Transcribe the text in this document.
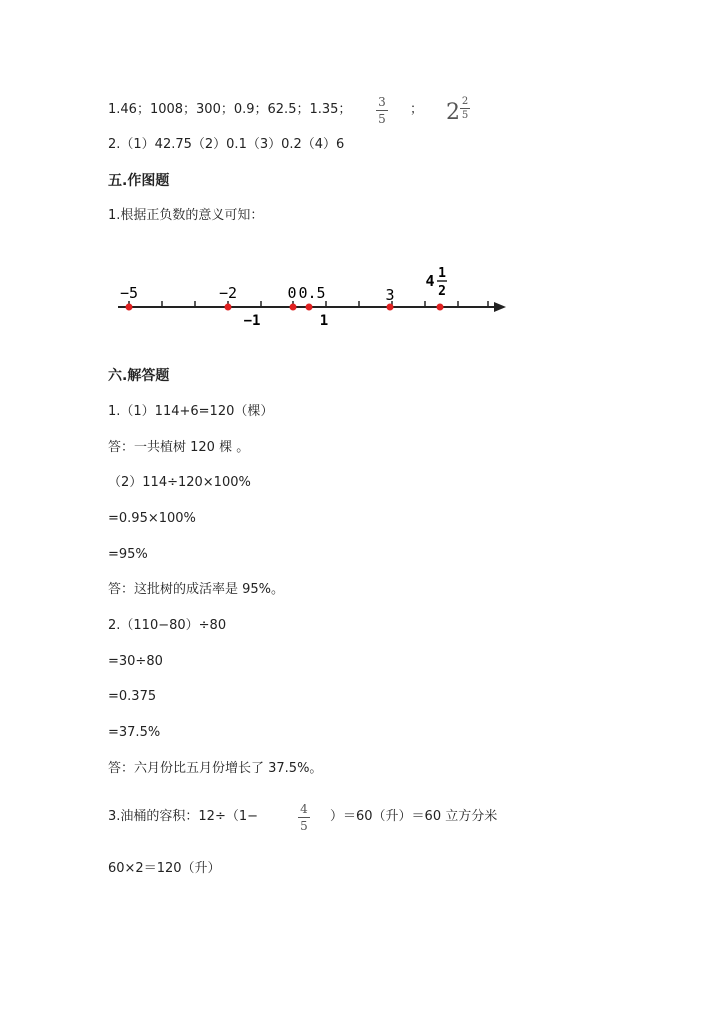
1.46；1008；300；0.9；62.5；1.35； 3
5
； 2 2
5
2.（1）42.75（2）0.1（3）0.2（4）6
五.作图题
1.根据正负数的意义可知：
−5	−2	0 0.5	3
4 1
2
−1	1
六.解答题
1.（1）114+6=120（棵）
答：一共植树 120 棵 。
（2）114÷120×100%
=0.95×100%
=95%
答：这批树的成活率是 95%。
2.（110−80）÷80
=30÷80
=0.375
=37.5%
答：六月份比五月份增长了 37.5%。
3.油桶的容积：12÷（1−	4
5
）＝60（升）＝60 立方分米
60×2＝120（升）
